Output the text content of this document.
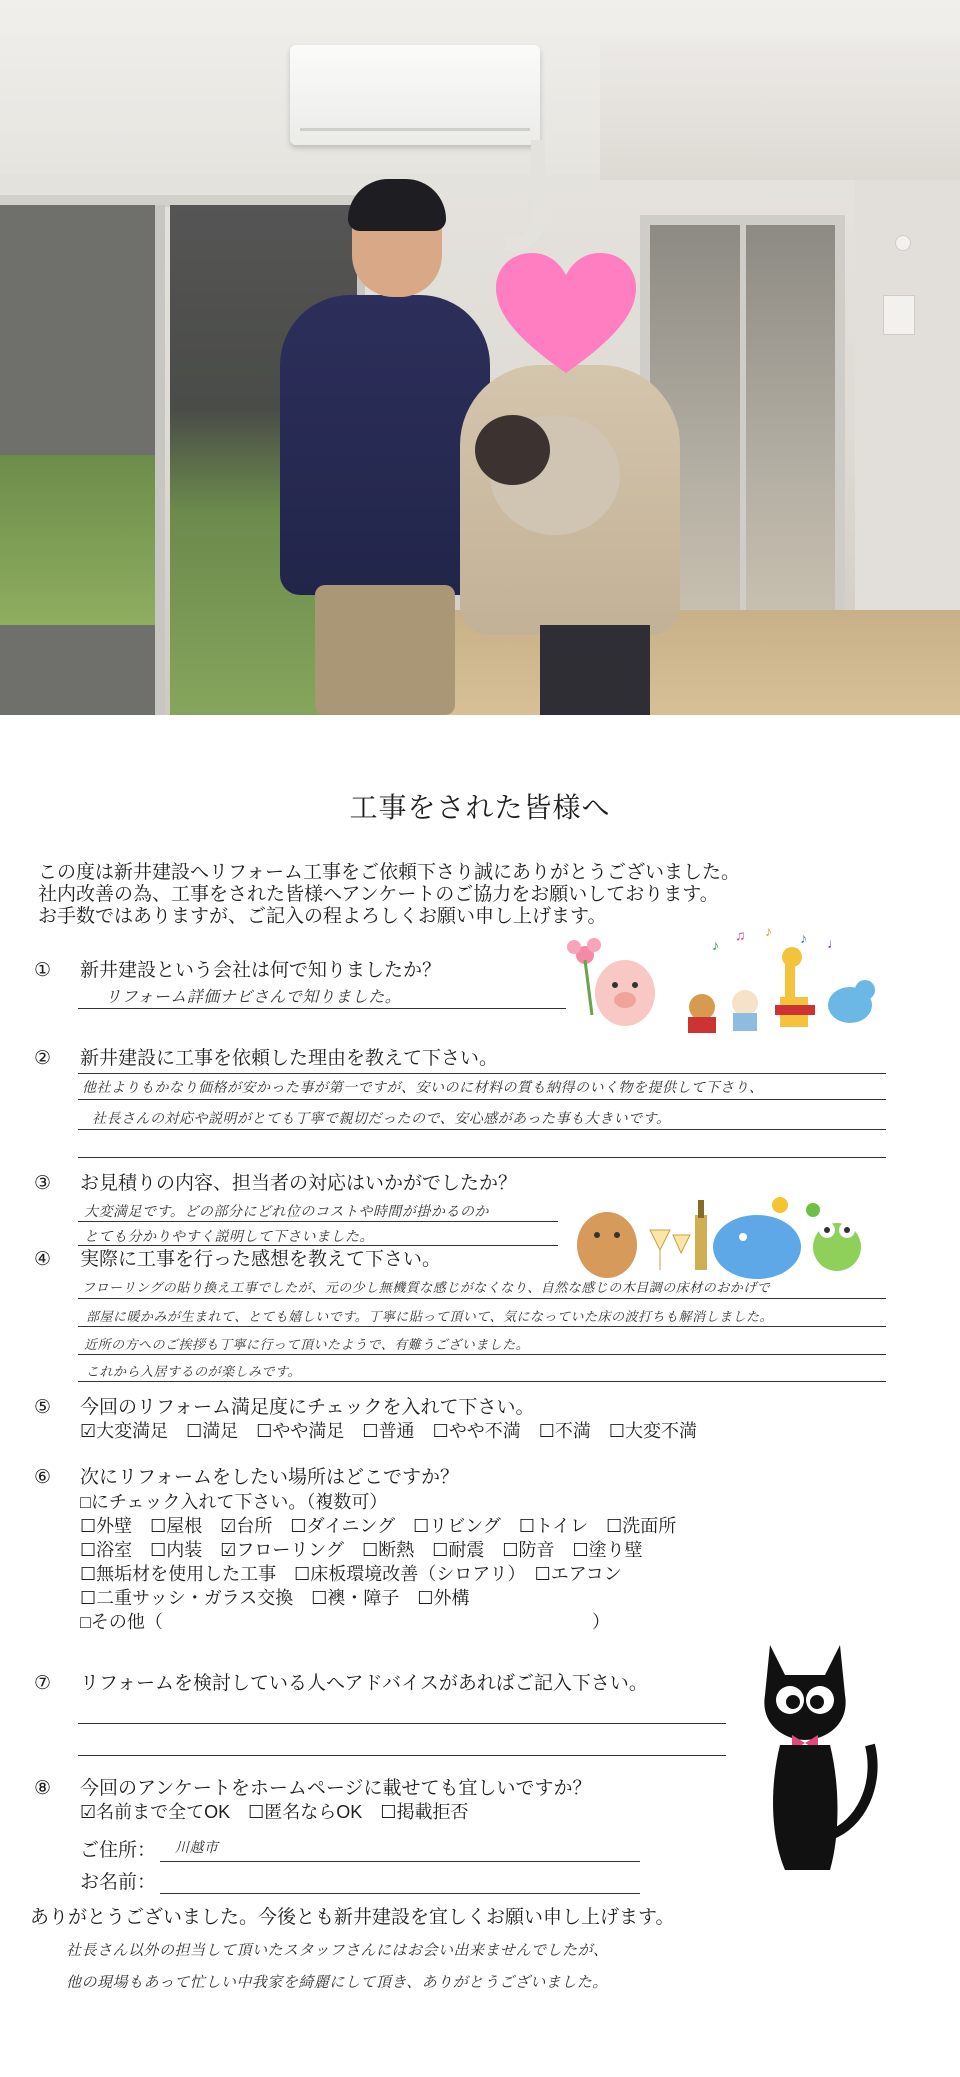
工事をされた皆様へ
この度は新井建設へリフォーム工事をご依頼下さり誠にありがとうございました。
社内改善の為、工事をされた皆様へアンケートのご協力をお願いしております。
お手数ではありますが、ご記入の程よろしくお願い申し上げます。
① 新井建設という会社は何で知りましたか？
リフォーム詳価ナビさんで知りました。
♪
♫ ♪ ♪ ♩
② 新井建設に工事を依頼した理由を教えて下さい。
他社よりもかなり価格が安かった事が第一ですが、安いのに材料の質も納得のいく物を提供して下さり、
社長さんの対応や説明がとても丁寧で親切だったので、安心感があった事も大きいです。
③ お見積りの内容、担当者の対応はいかがでしたか？
大変満足です。どの部分にどれ位のコストや時間が掛かるのか
とても分かりやすく説明して下さいました。
④ 実際に工事を行った感想を教えて下さい。
フローリングの貼り換え工事でしたが、元の少し無機質な感じがなくなり、自然な感じの木目調の床材のおかげで
部屋に暖かみが生まれて、とても嬉しいです。丁寧に貼って頂いて、気になっていた床の波打ちも解消しました。
近所の方へのご挨拶も丁寧に行って頂いたようで、有難うございました。
これから入居するのが楽しみです。
⑤ 今回のリフォーム満足度にチェックを入れて下さい。
☑ 大変満足　 ☐ 満足　 ☐ やや満足　 ☐ 普通　 ☐ やや不満　 ☐ 不満　 ☐ 大変不満
⑥ 次にリフォームをしたい場所はどこですか？
□にチェック入れて下さい。（複数可）
☐ 外壁　 ☐ 屋根　 ☑ 台所　 ☐ ダイニング　 ☐ リビング　 ☐ トイレ　 ☐ 洗面所
☐ 浴室　 ☐ 内装　 ☑ フローリング　 ☐ 断熱　 ☐ 耐震　 ☐ 防音　 ☐ 塗り壁
☐ 無垢材を使用した工事　 ☐ 床板環境改善（シロアリ）　 ☐ エアコン
☐ 二重サッシ・ガラス交換　 ☐ 襖・障子　 ☐ 外構
□その他（	）
⑦ リフォームを検討している人へアドバイスがあればご記入下さい。
⑧ 今回のアンケートをホームページに載せても宜しいですか？
☑ 名前まで全てOK　 ☐ 匿名ならOK　 ☐ 掲載拒否
ご住所： 川越市
お名前：
ありがとうございました。今後とも新井建設を宜しくお願い申し上げます。
社長さん以外の担当して頂いたスタッフさんにはお会い出来ませんでしたが、
他の現場もあって忙しい中我家を綺麗にして頂き、ありがとうございました。
